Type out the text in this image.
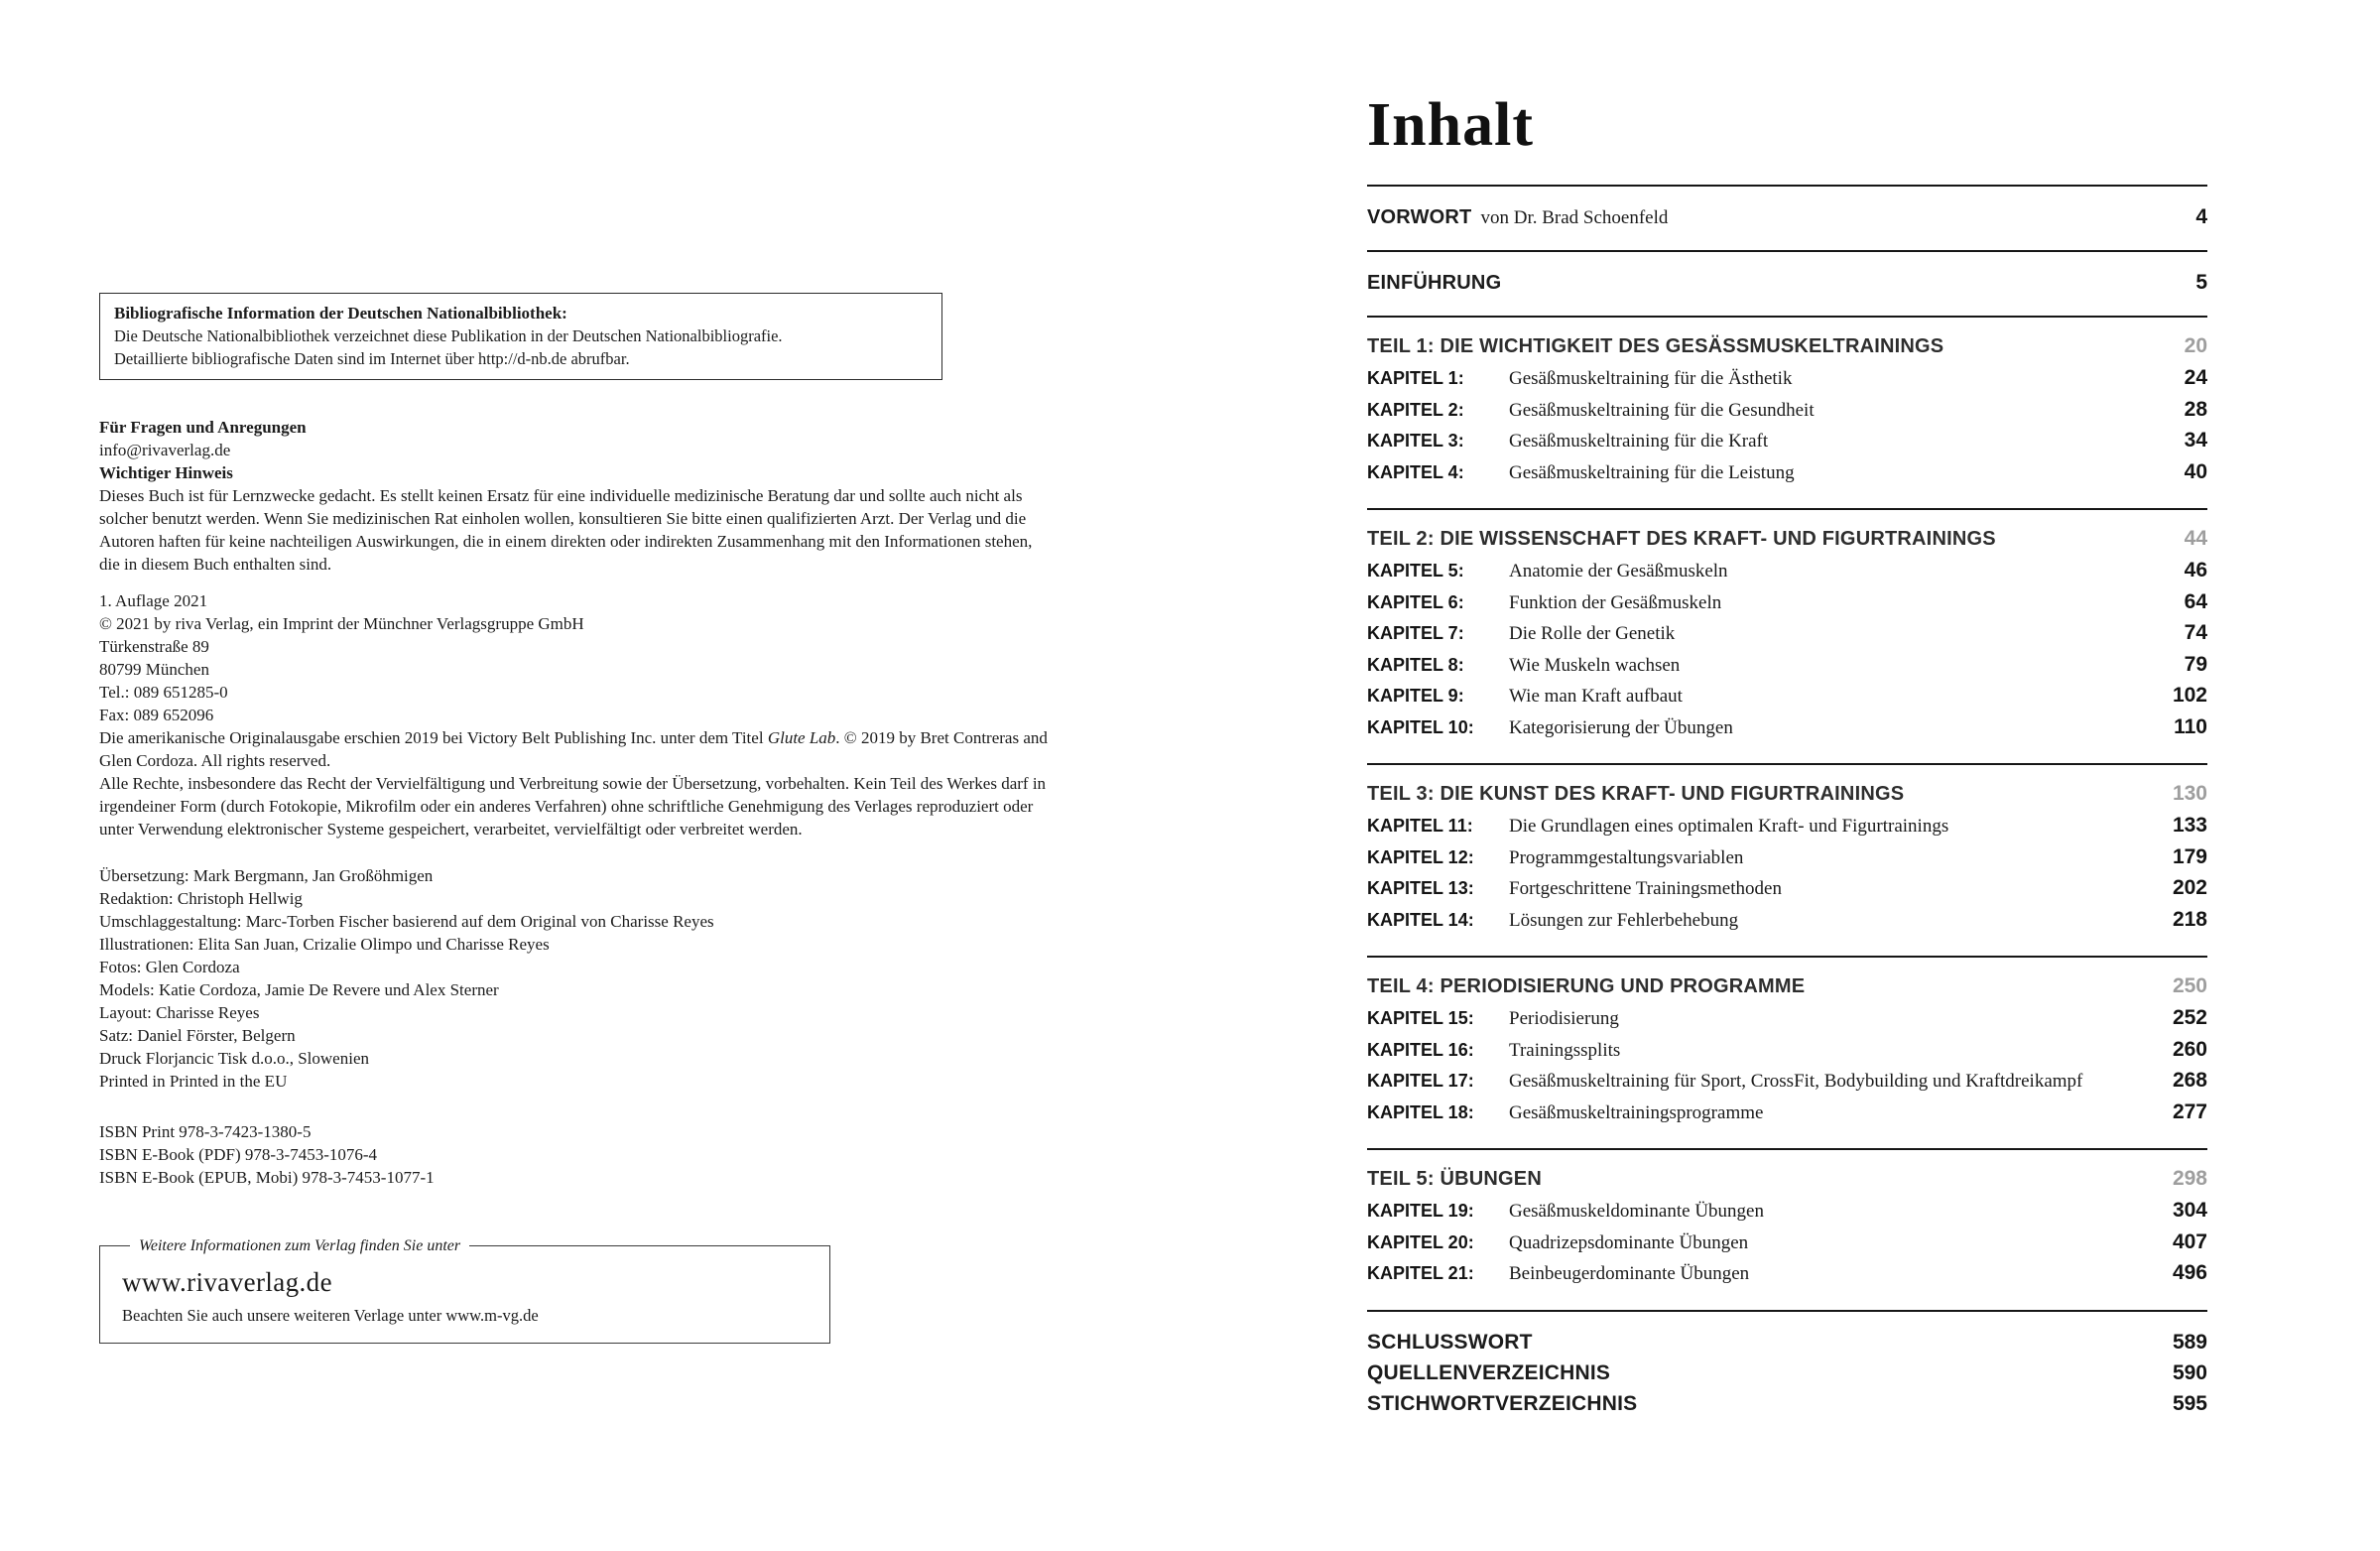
Bibliografische Information der Deutschen Nationalbibliothek:

Die Deutsche Nationalbibliothek verzeichnet diese Publikation in der Deutschen Nationalbibliografie.

Detaillierte bibliografische Daten sind im Internet über http://d-nb.de abrufbar.

Für Fragen und Anregungen

info@rivaverlag.de

Wichtiger Hinweis

Dieses Buch ist für Lernzwecke gedacht. Es stellt keinen Ersatz für eine individuelle medizinische Beratung dar und sollte auch nicht als solcher benutzt werden. Wenn Sie medizinischen Rat einholen wollen, konsultieren Sie bitte einen qualifizierten Arzt. Der Verlag und die Autoren haften für keine nachteiligen Auswirkungen, die in einem direkten oder indirekten Zusammenhang mit den Informationen stehen, die in diesem Buch enthalten sind.

1. Auflage 2021

© 2021 by riva Verlag, ein Imprint der Münchner Verlagsgruppe GmbH

Türkenstraße 89

80799 München

Tel.: 089 651285-0

Fax: 089 652096

Die amerikanische Originalausgabe erschien 2019 bei Victory Belt Publishing Inc. unter dem Titel Glute Lab. © 2019 by Bret Contreras and Glen Cordoza. All rights reserved.

Alle Rechte, insbesondere das Recht der Vervielfältigung und Verbreitung sowie der Übersetzung, vorbehalten. Kein Teil des Werkes darf in irgendeiner Form (durch Fotokopie, Mikrofilm oder ein anderes Verfahren) ohne schriftliche Genehmigung des Verlages reproduziert oder unter Verwendung elektronischer Systeme gespeichert, verarbeitet, vervielfältigt oder verbreitet werden.

Übersetzung: Mark Bergmann, Jan Großöhmigen

Redaktion: Christoph Hellwig

Umschlaggestaltung: Marc-Torben Fischer basierend auf dem Original von Charisse Reyes

Illustrationen: Elita San Juan, Crizalie Olimpo und Charisse Reyes

Fotos: Glen Cordoza

Models: Katie Cordoza, Jamie De Revere und Alex Sterner

Layout: Charisse Reyes

Satz: Daniel Förster, Belgern

Druck Florjancic Tisk d.o.o., Slowenien

Printed in Printed in the EU

ISBN Print 978-3-7423-1380-5

ISBN E-Book (PDF) 978-3-7453-1076-4

ISBN E-Book (EPUB, Mobi) 978-3-7453-1077-1

Weitere Informationen zum Verlag finden Sie unter

www.rivaverlag.de

Beachten Sie auch unsere weiteren Verlage unter www.m-vg.de

Inhalt
VORWORT von Dr. Brad Schoenfeld	4
EINFÜHRUNG	5
TEIL 1: DIE WICHTIGKEIT DES GESÄSSMUSKELTRAININGS	20
KAPITEL 1:	Gesäßmuskeltraining für die Ästhetik	24
KAPITEL 2:	Gesäßmuskeltraining für die Gesundheit	28
KAPITEL 3:	Gesäßmuskeltraining für die Kraft	34
KAPITEL 4:	Gesäßmuskeltraining für die Leistung	40
TEIL 2: DIE WISSENSCHAFT DES KRAFT- UND FIGURTRAININGS	44
KAPITEL 5:	Anatomie der Gesäßmuskeln	46
KAPITEL 6:	Funktion der Gesäßmuskeln	64
KAPITEL 7:	Die Rolle der Genetik	74
KAPITEL 8:	Wie Muskeln wachsen	79
KAPITEL 9:	Wie man Kraft aufbaut	102
KAPITEL 10:	Kategorisierung der Übungen	110
TEIL 3: DIE KUNST DES KRAFT- UND FIGURTRAININGS	130
KAPITEL 11:	Die Grundlagen eines optimalen Kraft- und Figurtrainings	133
KAPITEL 12:	Programmgestaltungsvariablen	179
KAPITEL 13:	Fortgeschrittene Trainingsmethoden	202
KAPITEL 14:	Lösungen zur Fehlerbehebung	218
TEIL 4: PERIODISIERUNG UND PROGRAMME	250
KAPITEL 15:	Periodisierung	252
KAPITEL 16:	Trainingssplits	260
KAPITEL 17:	Gesäßmuskeltraining für Sport, CrossFit, Bodybuilding und Kraftdreikampf	268
KAPITEL 18:	Gesäßmuskeltrainingsprogramme	277
TEIL 5: ÜBUNGEN	298
KAPITEL 19:	Gesäßmuskeldominante Übungen	304
KAPITEL 20:	Quadrizepsdominante Übungen	407
KAPITEL 21:	Beinbeugerdominante Übungen	496
SCHLUSSWORT	589
QUELLENVERZEICHNIS	590
STICHWORTVERZEICHNIS	595
